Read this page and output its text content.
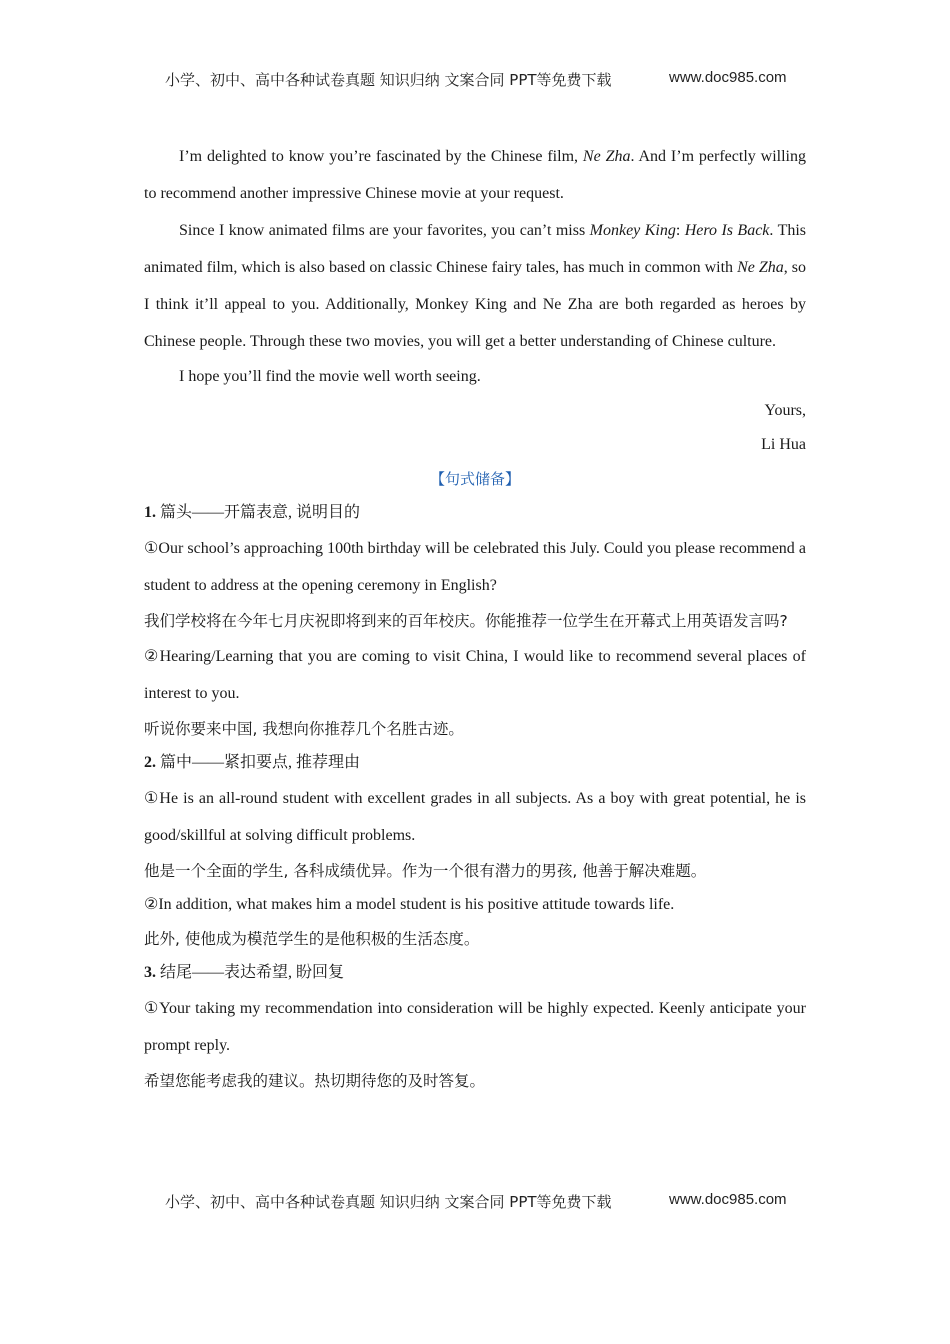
小学、初中、高中各种试卷真题 知识归纳 文案合同 PPT等免费下载	www.doc985.com

I’m delighted to know you’re fascinated by the Chinese film, Ne Zha. And I’m perfectly willing to recommend another impressive Chinese movie at your request.

Since I know animated films are your favorites, you can’t miss Monkey King: Hero Is Back. This animated film, which is also based on classic Chinese fairy tales, has much in common with Ne Zha, so I think it’ll appeal to you. Additionally, Monkey King and Ne Zha are both regarded as heroes by Chinese people. Through these two movies, you will get a better understanding of Chinese culture.

I hope you’ll find the movie well worth seeing.

Yours,

Li Hua

【句式储备】

1. 篇头——开篇表意, 说明目的

①Our school’s approaching 100th birthday will be celebrated this July. Could you please recommend a student to address at the opening ceremony in English?

我们学校将在今年七月庆祝即将到来的百年校庆。你能推荐一位学生在开幕式上用英语发言吗?

②Hearing/Learning that you are coming to visit China, I would like to recommend several places of interest to you.

听说你要来中国, 我想向你推荐几个名胜古迹。

2. 篇中——紧扣要点, 推荐理由

①He is an all-round student with excellent grades in all subjects. As a boy with great potential, he is good/skillful at solving difficult problems.

他是一个全面的学生, 各科成绩优异。作为一个很有潜力的男孩, 他善于解决难题。

②In addition, what makes him a model student is his positive attitude towards life.

此外, 使他成为模范学生的是他积极的生活态度。

3. 结尾——表达希望, 盼回复

①Your taking my recommendation into consideration will be highly expected. Keenly anticipate your prompt reply.

希望您能考虑我的建议。热切期待您的及时答复。

小学、初中、高中各种试卷真题 知识归纳 文案合同 PPT等免费下载	www.doc985.com
